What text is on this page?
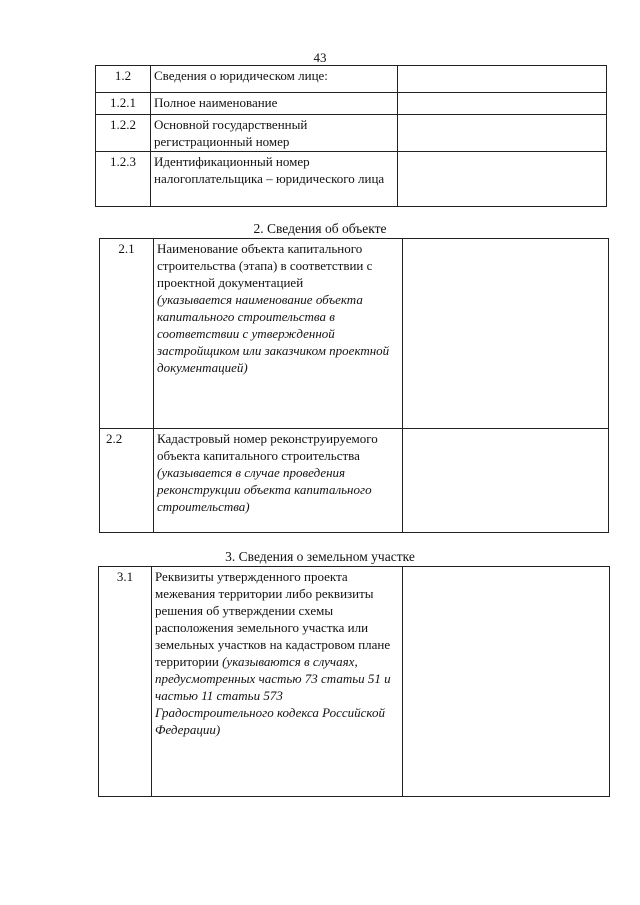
43
1.2	Сведения о юридическом лице:	
1.2.1	Полное наименование	
1.2.2	Основной государственный регистрационный номер	
1.2.3	Идентификационный номер налогоплательщика – юридического лица	
2. Сведения об объекте
2.1	Наименование объекта капитального строительства (этапа) в соответствии с проектной документацией
(указывается наименование объекта капитального строительства в соответствии с утвержденной застройщиком или заказчиком проектной документацией)	

2.2	Кадастровый номер реконструируемого объекта капитального строительства
(указывается в случае проведения реконструкции объекта капитального строительства)	

3. Сведения о земельном участке
3.1	Реквизиты утвержденного проекта межевания территории либо реквизиты решения об утверждении схемы расположения земельного участка или земельных участков на кадастровом плане территории (указываются в случаях, предусмотренных частью 73 статьи 51 и частью 11 статьи 573 Градостроительного кодекса Российской Федерации)	
